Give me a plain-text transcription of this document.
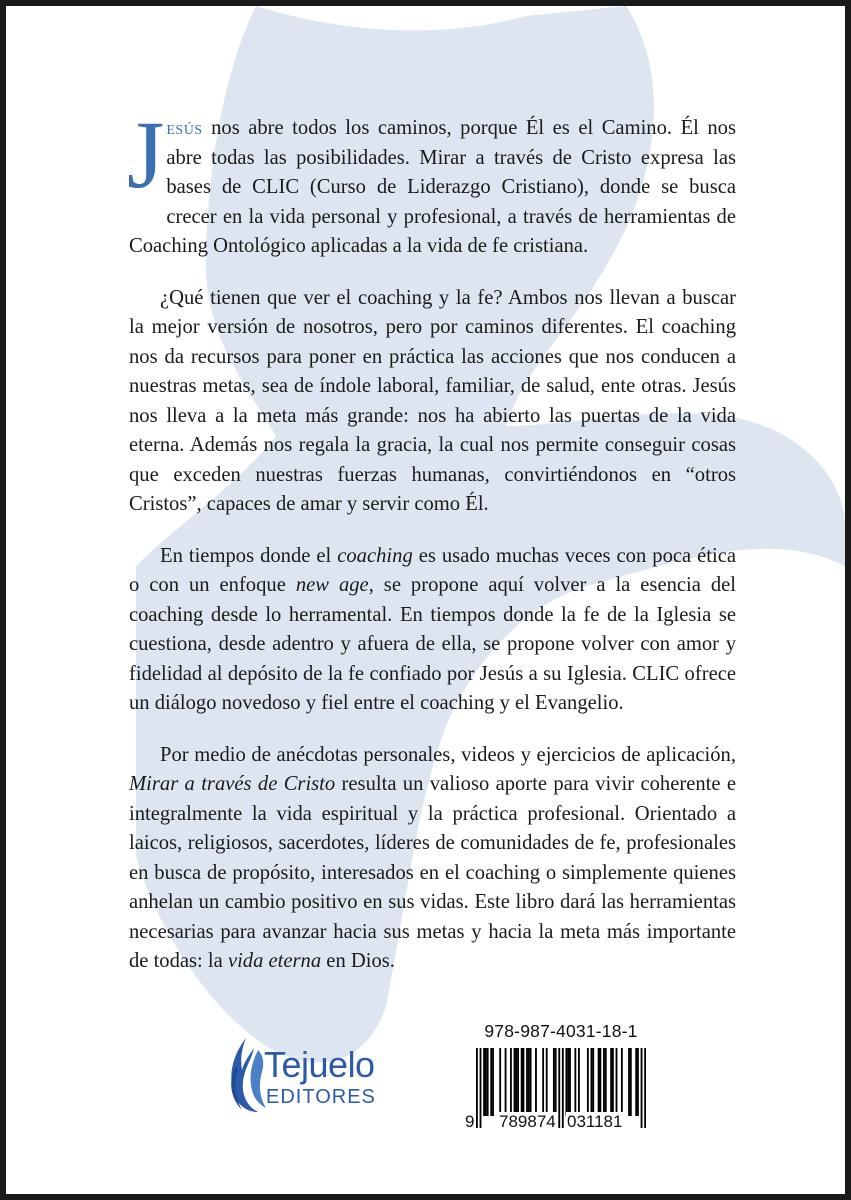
Jesús nos abre todos los caminos, porque Él es el Camino. Él nos abre todas las posibilidades. Mirar a través de Cristo expresa las bases de CLIC (Curso de Liderazgo Cristiano), donde se busca crecer en la vida personal y profesional, a través de herramientas de Coaching Ontológico aplicadas a la vida de fe cristiana.

¿Qué tienen que ver el coaching y la fe? Ambos nos llevan a buscar la mejor versión de nosotros, pero por caminos diferentes. El coaching nos da recursos para poner en práctica las acciones que nos conducen a nuestras metas, sea de índole laboral, familiar, de salud, ente otras. Jesús nos lleva a la meta más grande: nos ha abierto las puertas de la vida eterna. Además nos regala la gracia, la cual nos permite conseguir cosas que exceden nuestras fuerzas humanas, convirtiéndonos en “otros Cristos”, capaces de amar y servir como Él.

En tiempos donde el coaching es usado muchas veces con poca ética o con un enfoque new age, se propone aquí volver a la esencia del coaching desde lo herramental. En tiempos donde la fe de la Iglesia se cuestiona, desde adentro y afuera de ella, se propone volver con amor y fidelidad al depósito de la fe confiado por Jesús a su Iglesia. CLIC ofrece un diálogo novedoso y fiel entre el coaching y el Evangelio.

Por medio de anécdotas personales, videos y ejercicios de aplicación, Mirar a través de Cristo resulta un valioso aporte para vivir coherente e integralmente la vida espiritual y la práctica profesional. Orientado a laicos, religiosos, sacerdotes, líderes de comunidades de fe, profesionales en busca de propósito, interesados en el coaching o simplemente quienes anhelan un cambio positivo en sus vidas. Este libro dará las herramientas necesarias para avanzar hacia sus metas y hacia la meta más importante de todas: la vida eterna en Dios.

Tejuelo
EDITORES
978-987-4031-18-1
9 789874 031181
